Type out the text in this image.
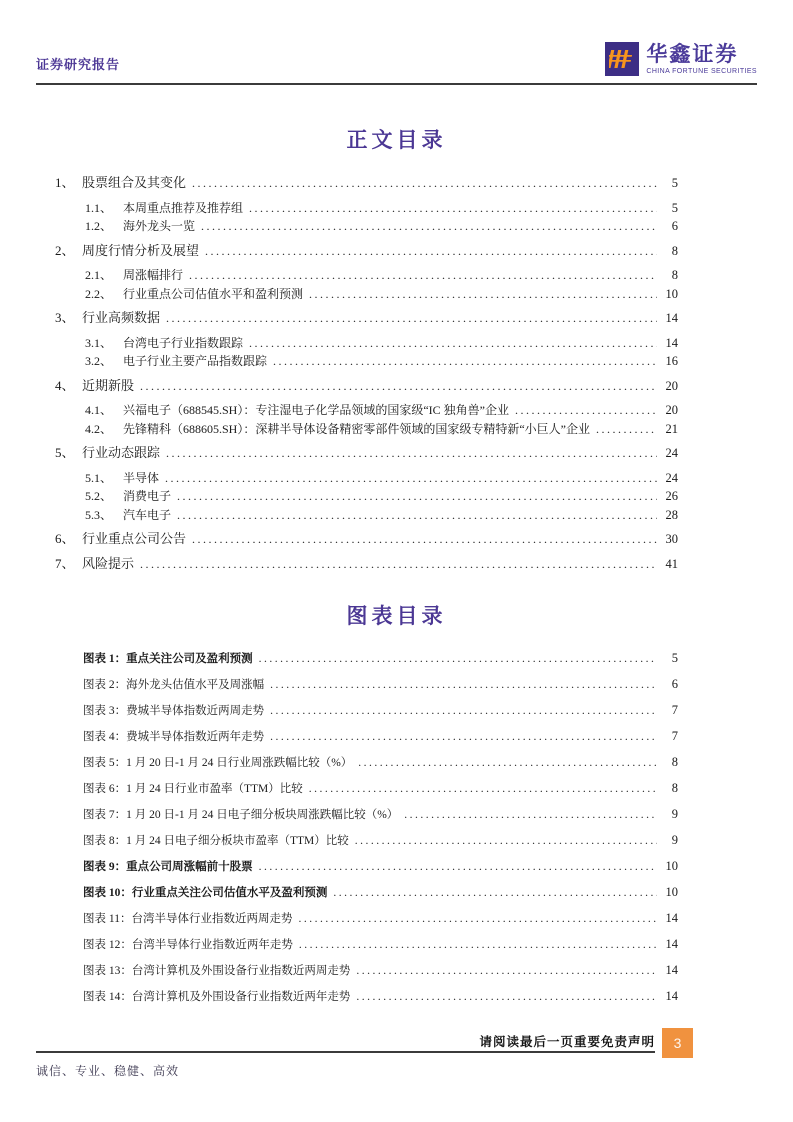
证券研究报告	华鑫证券
CHINA FORTUNE SECURITIES
正文目录
1、 股票组合及其变化 .....	5
1.1、 本周重点推荐及推荐组 .....	5
1.2、 海外龙头一览 .....	6
2、 周度行情分析及展望 .....	8
2.1、 周涨幅排行 .....	8
2.2、 行业重点公司估值水平和盈利预测 .....	10
3、 行业高频数据 .....	14
3.1、 台湾电子行业指数跟踪 .....	14
3.2、 电子行业主要产品指数跟踪 .....	16
4、 近期新股 .....	20
4.1、 兴福电子（688545.SH）：专注湿电子化学品领域的国家级“IC 独角兽”企业 .....	20
4.2、 先锋精科（688605.SH）：深耕半导体设备精密零部件领域的国家级专精特新“小巨人”企业 .....	21
5、 行业动态跟踪 .....	24
5.1、 半导体 .....	24
5.2、 消费电子 .....	26
5.3、 汽车电子 .....	28
6、 行业重点公司公告 .....	30
7、 风险提示 .....	41
图表目录
图表 1：重点关注公司及盈利预测 .....	5
图表 2：海外龙头估值水平及周涨幅 .....	6
图表 3：费城半导体指数近两周走势 .....	7
图表 4：费城半导体指数近两年走势 .....	7
图表 5：1 月 20 日-1 月 24 日行业周涨跌幅比较（%） .....	8
图表 6：1 月 24 日行业市盈率（TTM）比较 .....	8
图表 7：1 月 20 日-1 月 24 日电子细分板块周涨跌幅比较（%） .....	9
图表 8：1 月 24 日电子细分板块市盈率（TTM）比较 .....	9
图表 9：重点公司周涨幅前十股票 .....	10
图表 10：行业重点关注公司估值水平及盈利预测 .....	10
图表 11：台湾半导体行业指数近两周走势 .....	14
图表 12：台湾半导体行业指数近两年走势 .....	14
图表 13：台湾计算机及外围设备行业指数近两周走势 .....	14
图表 14：台湾计算机及外围设备行业指数近两年走势 .....	14
请阅读最后一页重要免责声明	3
诚信、专业、稳健、高效
